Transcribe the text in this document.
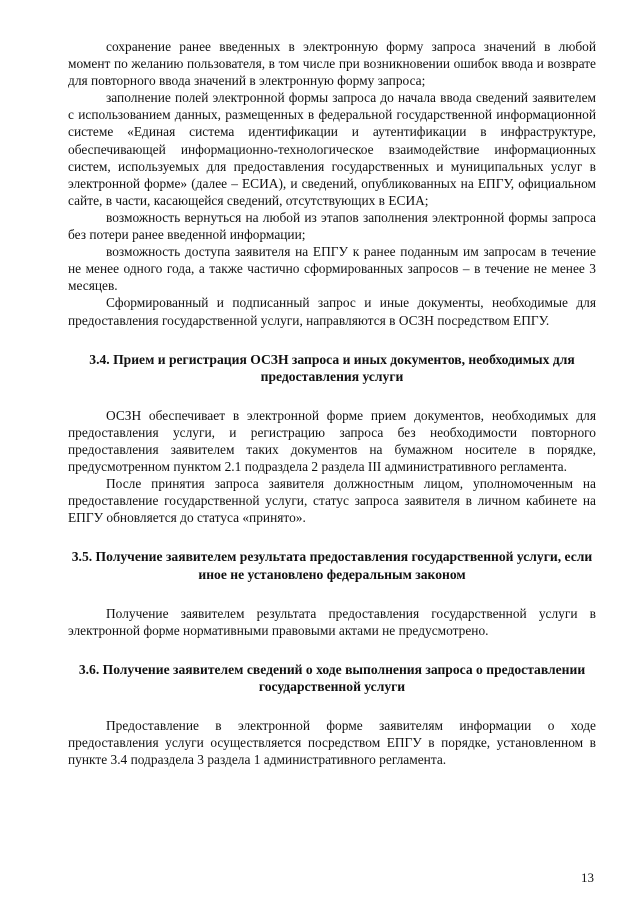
сохранение ранее введенных в электронную форму запроса значений в любой момент по желанию пользователя, в том числе при возникновении ошибок ввода и возврате для повторного ввода значений в электронную форму запроса;

заполнение полей электронной формы запроса до начала ввода сведений заявителем с использованием данных, размещенных в федеральной государственной информационной системе «Единая система идентификации и аутентификации в инфраструктуре, обеспечивающей информационно-технологическое взаимодействие информационных систем, используемых для предоставления государственных и муниципальных услуг в электронной форме» (далее – ЕСИА), и сведений, опубликованных на ЕПГУ, официальном сайте, в части, касающейся сведений, отсутствующих в ЕСИА;

возможность вернуться на любой из этапов заполнения электронной формы запроса без потери ранее введенной информации;

возможность доступа заявителя на ЕПГУ к ранее поданным им запросам в течение не менее одного года, а также частично сформированных запросов – в течение не менее 3 месяцев.

Сформированный и подписанный запрос и иные документы, необходимые для предоставления государственной услуги, направляются в ОСЗН посредством ЕПГУ.

3.4. Прием и регистрация ОСЗН запроса и иных документов, необходимых для предоставления услуги

ОСЗН обеспечивает в электронной форме прием документов, необходимых для предоставления услуги, и регистрацию запроса без необходимости повторного предоставления заявителем таких документов на бумажном носителе в порядке, предусмотренном пунктом 2.1 подраздела 2 раздела III административного регламента.

После принятия запроса заявителя должностным лицом, уполномоченным на предоставление государственной услуги, статус запроса заявителя в личном кабинете на ЕПГУ обновляется до статуса «принято».

3.5. Получение заявителем результата предоставления государственной услуги, если иное не установлено федеральным законом

Получение заявителем результата предоставления государственной услуги в электронной форме нормативными правовыми актами не предусмотрено.

3.6. Получение заявителем сведений о ходе выполнения запроса о предоставлении государственной услуги

Предоставление в электронной форме заявителям информации о ходе предоставления услуги осуществляется посредством ЕПГУ в порядке, установленном в пункте 3.4 подраздела 3 раздела 1 административного регламента.

13
